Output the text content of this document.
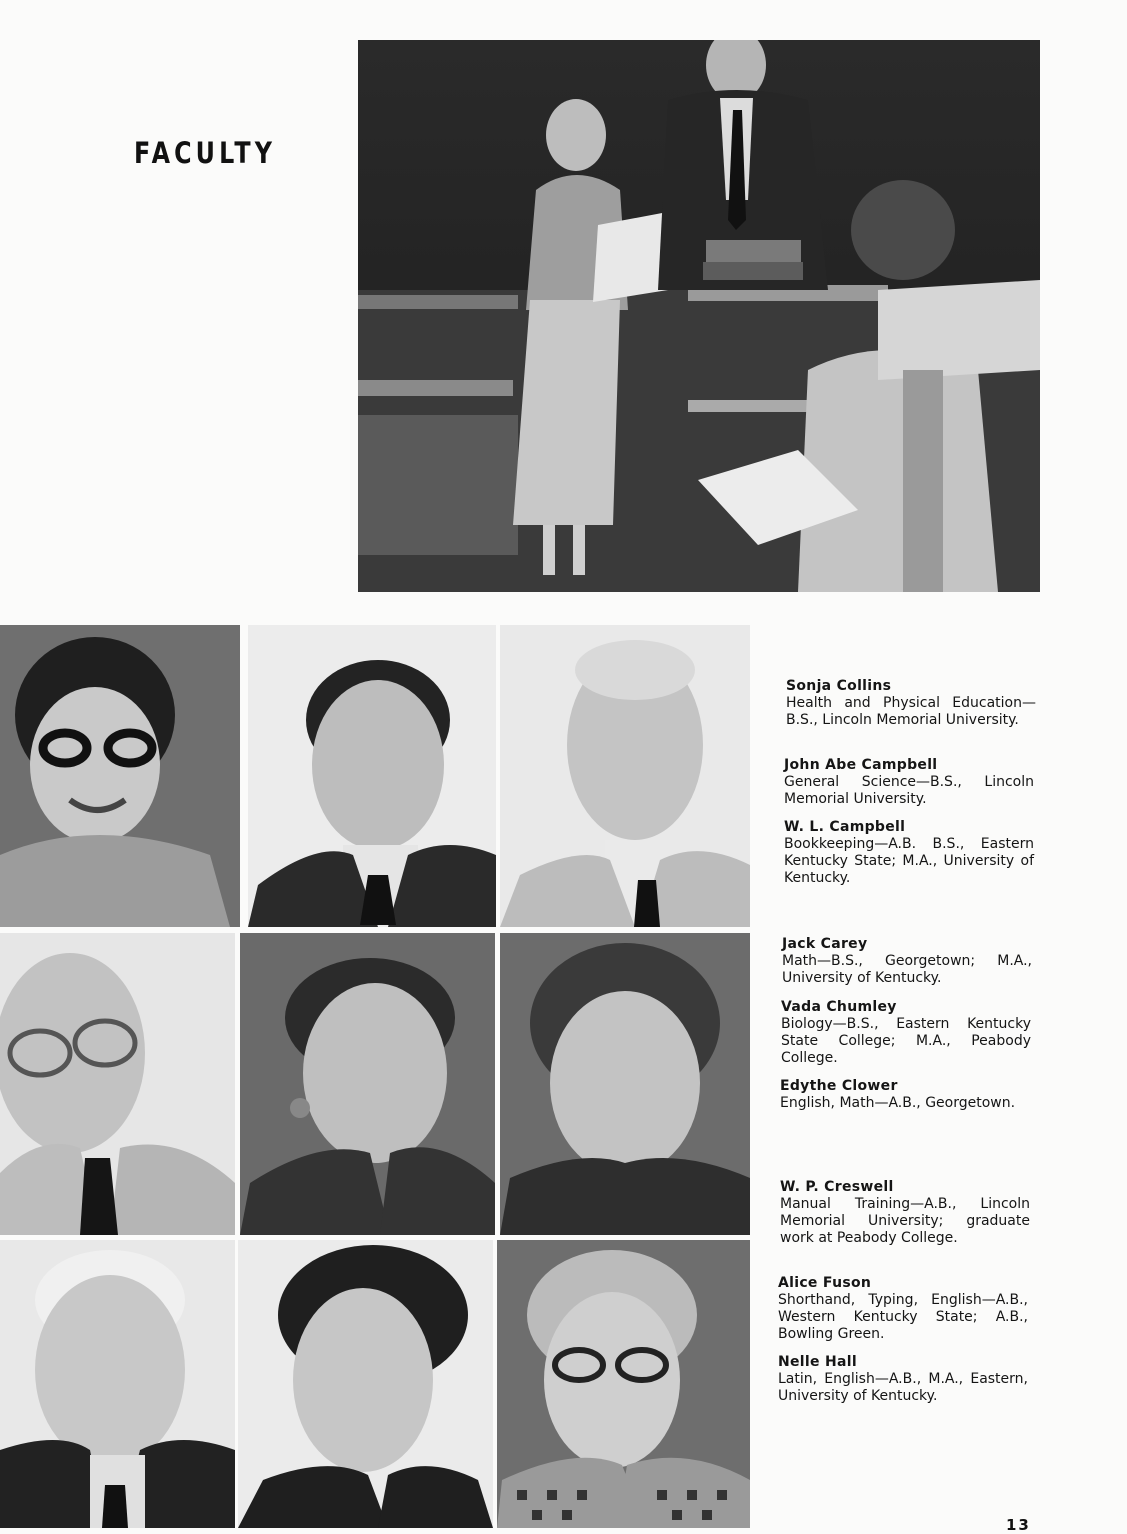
FACULTY
Sonja Collins
Health and Physical Education—B.S., Lincoln Memorial University.
John Abe Campbell
General Science—B.S., Lincoln Memorial University.
W. L. Campbell
Bookkeeping—A.B. B.S., Eastern Kentucky State; M.A., University of Kentucky.
Jack Carey
Math—B.S., Georgetown; M.A., University of Kentucky.
Vada Chumley
Biology—B.S., Eastern Kentucky State College; M.A., Peabody College.
Edythe Clower
English, Math—A.B., Georgetown.
W. P. Creswell
Manual Training—A.B., Lincoln Memorial University; graduate work at Peabody College.
Alice Fuson
Shorthand, Typing, English—A.B., Western Kentucky State; A.B., Bowling Green.
Nelle Hall
Latin, English—A.B., M.A., Eastern, University of Kentucky.
13
